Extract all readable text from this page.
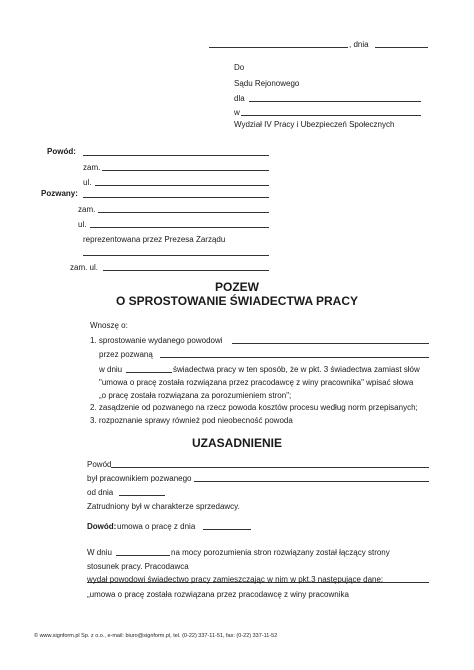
, dnia
Do
Sądu Rejonowego
dla
w
Wydział IV Pracy i Ubezpieczeń Społecznych
Powód:
zam.
ul.
Pozwany:
zam.
ul.
reprezentowana przez Prezesa Zarządu
zam. ul.
POZEW
O SPROSTOWANIE ŚWIADECTWA PRACY
Wnoszę o:
1. sprostowanie wydanego powodowi
przez pozwaną
w dniu	świadectwa pracy w ten sposób, że w pkt. 3 świadectwa zamiast słów
"umowa o pracę została rozwiązana przez pracodawcę z winy pracownika" wpisać słowa
„o pracę została rozwiązana za porozumieniem stron";
2. zasądzenie od pozwanego na rzecz powoda kosztów procesu według norm przepisanych;
3. rozpoznanie sprawy również pod nieobecność powoda
UZASADNIENIE
Powód
był pracownikiem pozwanego
od dnia
Zatrudniony był w charakterze sprzedawcy.
Dowód: umowa o pracę z dnia
W dniu	na mocy porozumienia stron rozwiązany został łączący strony
stosunek pracy. Pracodawca
wydał powodowi świadectwo pracy zamieszczając w nim w pkt.3 następujące dane:
„umowa o pracę została rozwiązana przez pracodawcę z winy pracownika
© www.signform.pl Sp. z o.o., e-mail: biuro@signform.pl, tel. (0-22) 337-11-51, fax: (0-22) 337-11-52
